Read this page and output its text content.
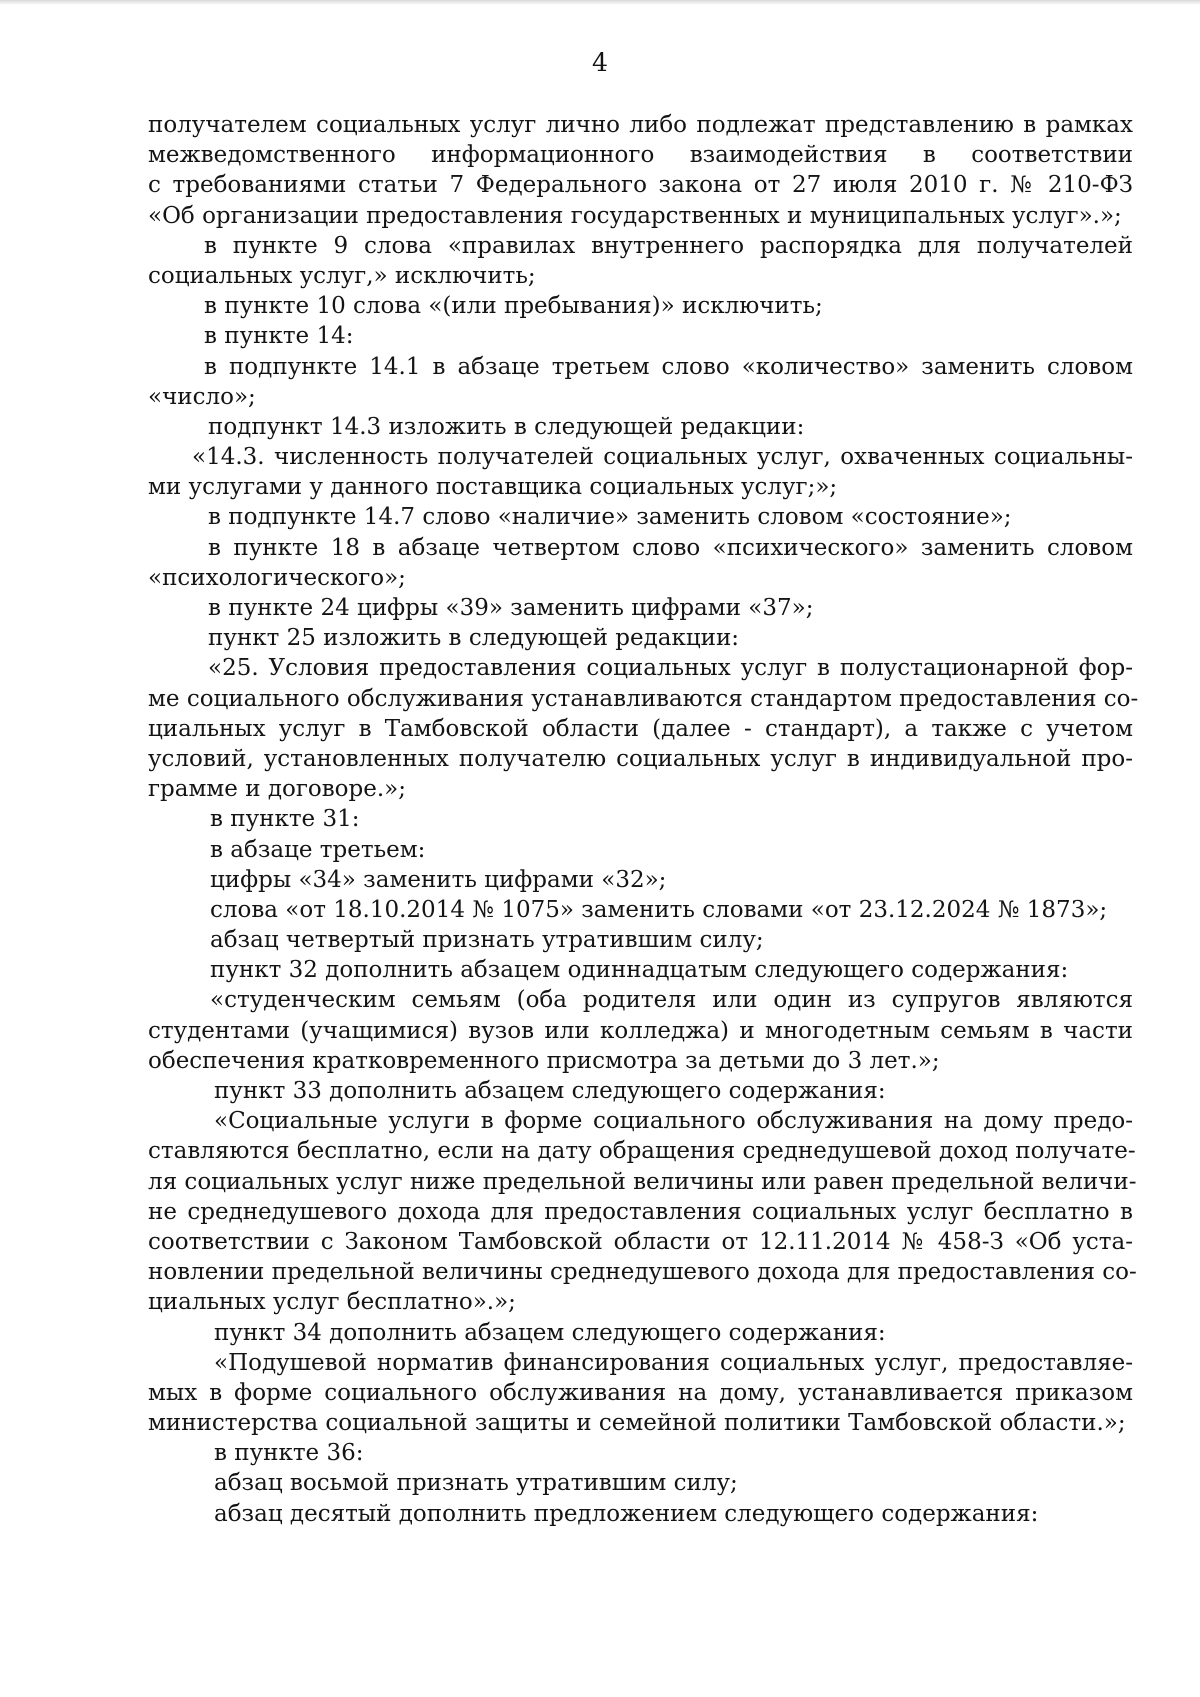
4
получателем социальных услуг лично либо подлежат представлению в рамках
межведомственного информационного взаимодействия в соответствии
с требованиями статьи 7 Федерального закона от 27 июля 2010 г. № 210-ФЗ
«Об организации предоставления государственных и муниципальных услуг».»;
в пункте 9 слова «правилах внутреннего распорядка для получателей
социальных услуг,» исключить;
в пункте 10 слова «(или пребывания)» исключить;
в пункте 14:
в подпункте 14.1 в абзаце третьем слово «количество» заменить словом
«число»;
подпункт 14.3 изложить в следующей редакции:
«14.3. численность получателей социальных услуг, охваченных социальны-
ми услугами у данного поставщика социальных услуг;»;
в подпункте 14.7 слово «наличие» заменить словом «состояние»;
в пункте 18 в абзаце четвертом слово «психического» заменить словом
«психологического»;
в пункте 24 цифры «39» заменить цифрами «37»;
пункт 25 изложить в следующей редакции:
«25. Условия предоставления социальных услуг в полустационарной фор-
ме социального обслуживания устанавливаются стандартом предоставления со-
циальных услуг в Тамбовской области (далее - стандарт), а также с учетом
условий, установленных получателю социальных услуг в индивидуальной про-
грамме и договоре.»;
в пункте 31:
в абзаце третьем:
цифры «34» заменить цифрами «32»;
слова «от 18.10.2014 № 1075» заменить словами «от 23.12.2024 № 1873»;
абзац четвертый признать утратившим силу;
пункт 32 дополнить абзацем одиннадцатым следующего содержания:
«студенческим семьям (оба родителя или один из супругов являются
студентами (учащимися) вузов или колледжа) и многодетным семьям в части
обеспечения кратковременного присмотра за детьми до 3 лет.»;
пункт 33 дополнить абзацем следующего содержания:
«Социальные услуги в форме социального обслуживания на дому предо-
ставляются бесплатно, если на дату обращения среднедушевой доход получате-
ля социальных услуг ниже предельной величины или равен предельной величи-
не среднедушевого дохода для предоставления социальных услуг бесплатно в
соответствии с Законом Тамбовской области от 12.11.2014 № 458-З «Об уста-
новлении предельной величины среднедушевого дохода для предоставления со-
циальных услуг бесплатно».»;
пункт 34 дополнить абзацем следующего содержания:
«Подушевой норматив финансирования социальных услуг, предоставляе-
мых в форме социального обслуживания на дому, устанавливается приказом
министерства социальной защиты и семейной политики Тамбовской области.»;
в пункте 36:
абзац восьмой признать утратившим силу;
абзац десятый дополнить предложением следующего содержания:
